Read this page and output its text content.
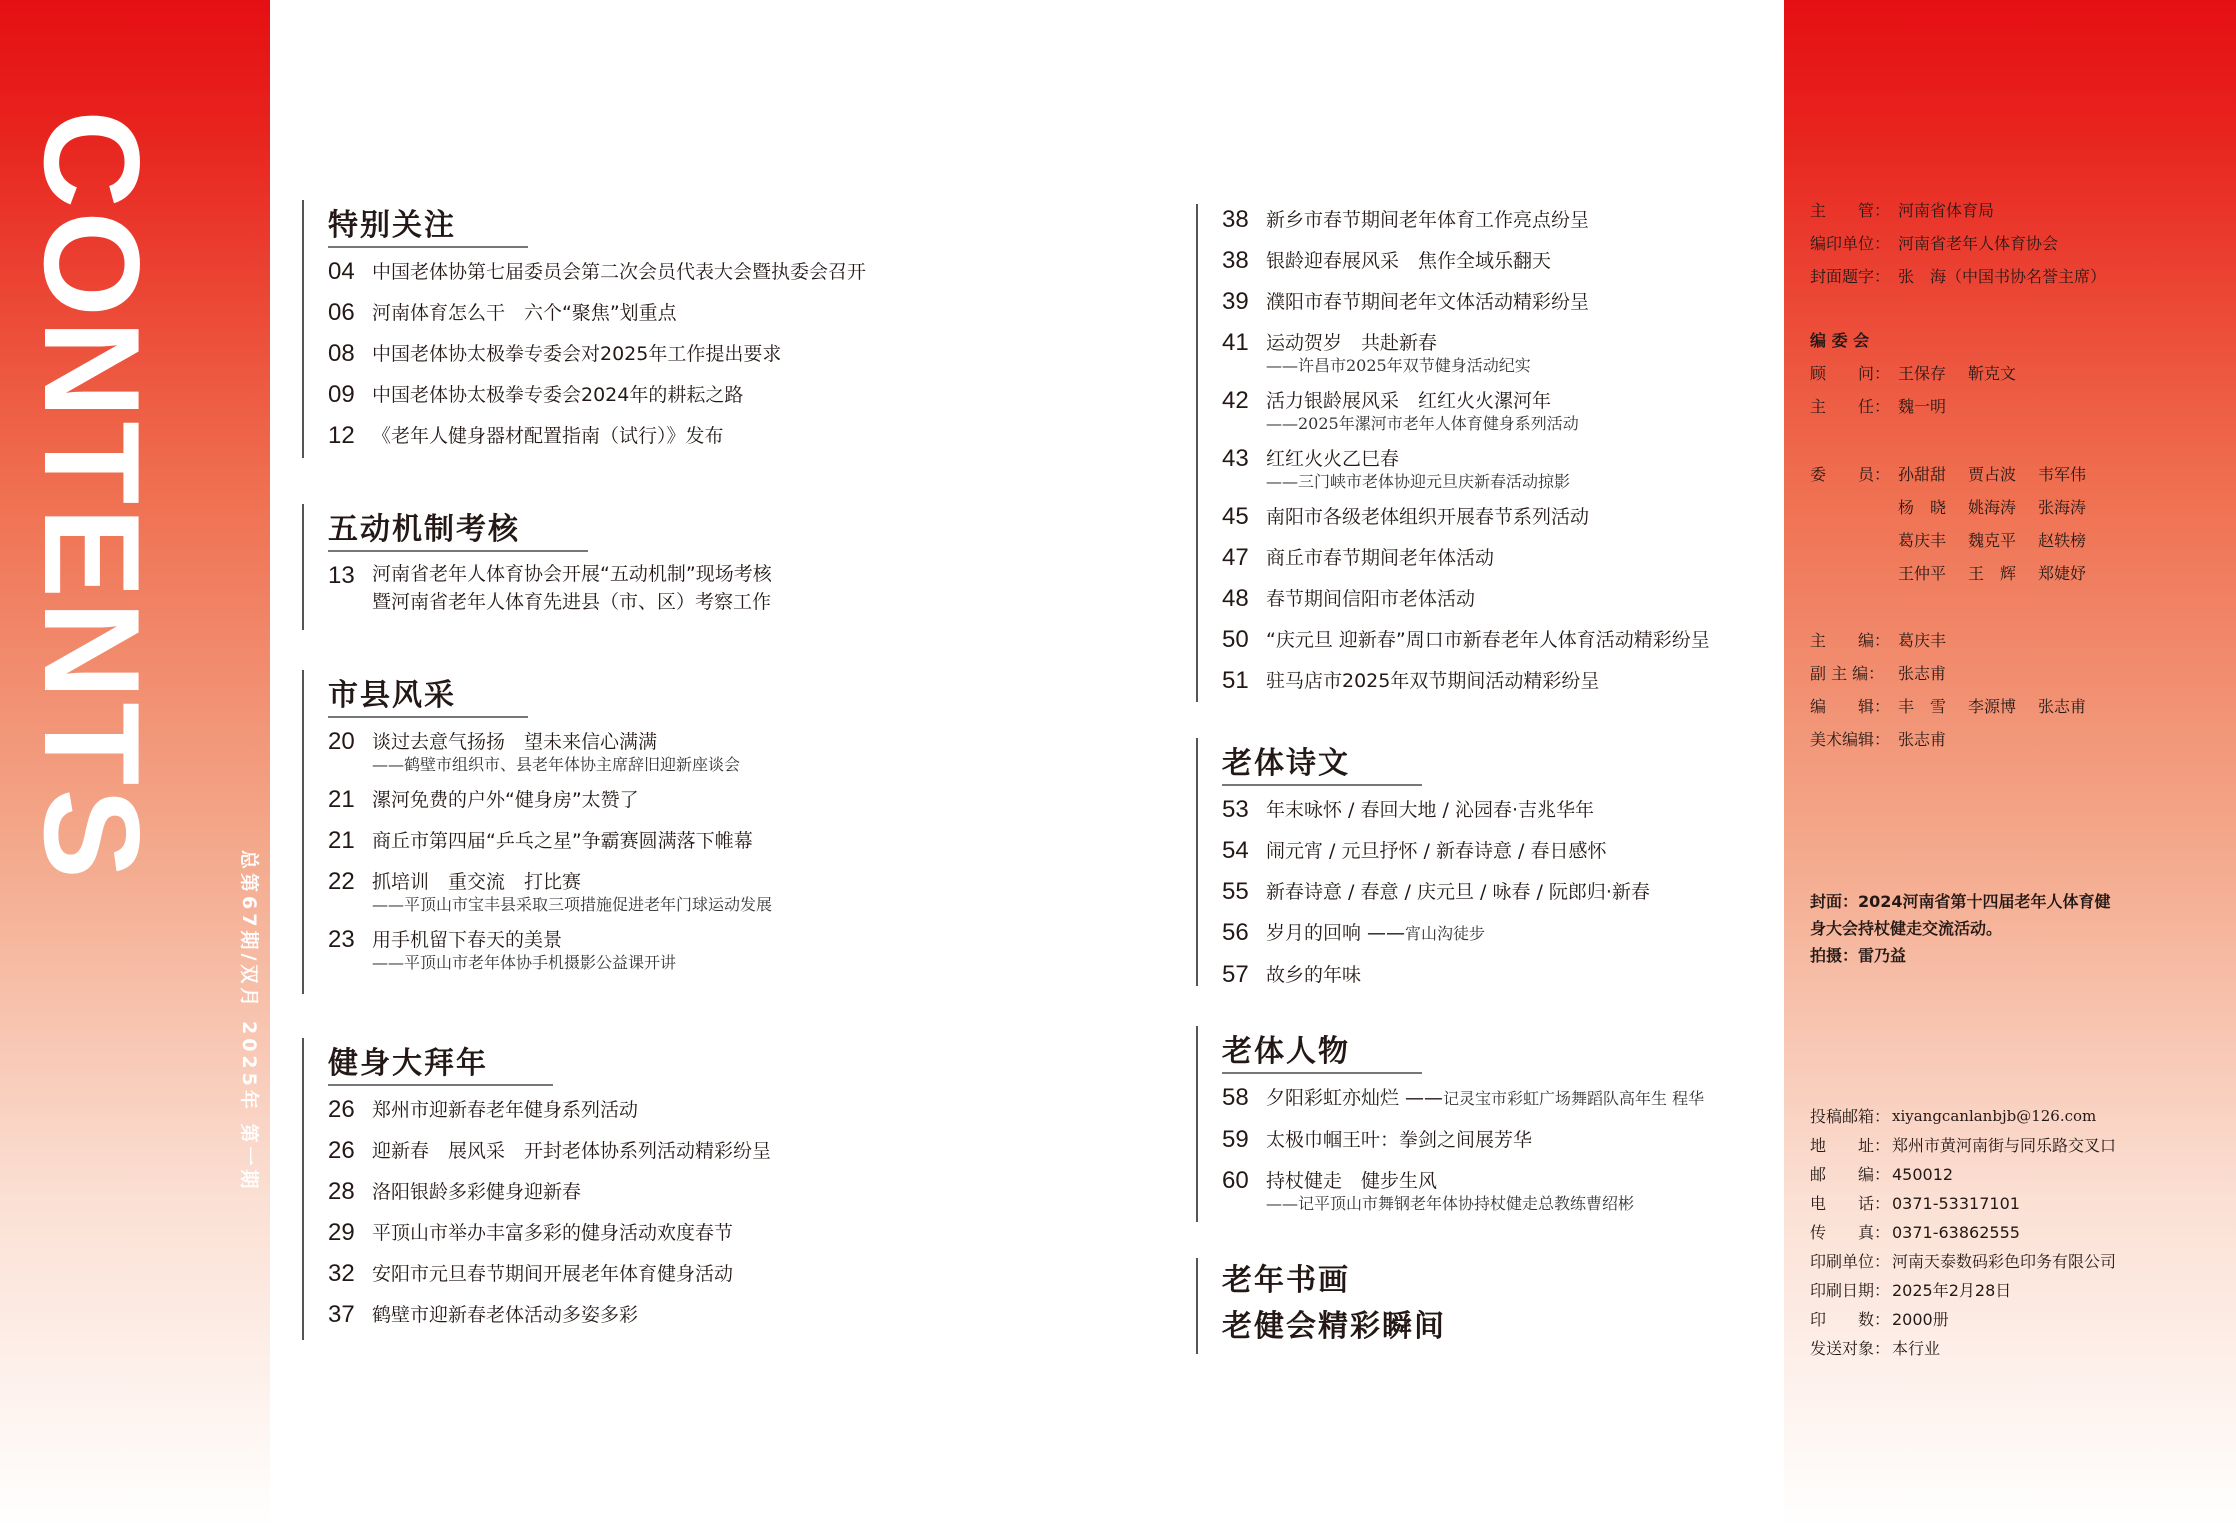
CONTENTS
总第67期/双月 2025年 第一期
特别关注
04 中国老体协第七届委员会第二次会员代表大会暨执委会召开
06 河南体育怎么干　六个“聚焦”划重点
08 中国老体协太极拳专委会对2025年工作提出要求
09 中国老体协太极拳专委会2024年的耕耘之路
12 《老年人健身器材配置指南（试行）》发布
五动机制考核
13 河南省老年人体育协会开展“五动机制”现场考核
暨河南省老年人体育先进县（市、区）考察工作
市县风采
20 谈过去意气扬扬　望未来信心满满
——鹤壁市组织市、县老年体协主席辞旧迎新座谈会
21 漯河免费的户外“健身房”太赞了
21 商丘市第四届“乒乓之星”争霸赛圆满落下帷幕
22 抓培训　重交流　打比赛
——平顶山市宝丰县采取三项措施促进老年门球运动发展
23 用手机留下春天的美景
——平顶山市老年体协手机摄影公益课开讲
健身大拜年
26 郑州市迎新春老年健身系列活动
26 迎新春　展风采　开封老体协系列活动精彩纷呈
28 洛阳银龄多彩健身迎新春
29 平顶山市举办丰富多彩的健身活动欢度春节
32 安阳市元旦春节期间开展老年体育健身活动
37 鹤壁市迎新春老体活动多姿多彩
38 新乡市春节期间老年体育工作亮点纷呈
38 银龄迎春展风采　焦作全域乐翻天
39 濮阳市春节期间老年文体活动精彩纷呈
41 运动贺岁　共赴新春
——许昌市2025年双节健身活动纪实
42 活力银龄展风采　红红火火漯河年
——2025年漯河市老年人体育健身系列活动
43 红红火火乙巳春
——三门峡市老体协迎元旦庆新春活动掠影
45 南阳市各级老体组织开展春节系列活动
47 商丘市春节期间老年体活动
48 春节期间信阳市老体活动
50 “庆元旦 迎新春”周口市新春老年人体育活动精彩纷呈
51 驻马店市2025年双节期间活动精彩纷呈
老体诗文
53 年末咏怀 / 春回大地 / 沁园春·吉兆华年
54 闹元宵 / 元旦抒怀 / 新春诗意 / 春日感怀
55 新春诗意 / 春意 / 庆元旦 / 咏春 / 阮郎归·新春
56 岁月的回响 ——宵山沟徒步
57 故乡的年味
老体人物
58 夕阳彩虹亦灿烂 ——记灵宝市彩虹广场舞蹈队高年生 程华
59 太极巾帼王叶：拳剑之间展芳华
60 持杖健走　健步生风
——记平顶山市舞钢老年体协持杖健走总教练曹绍彬
老年书画
老健会精彩瞬间
主　　管： 河南省体育局
编印单位： 河南省老年人体育协会
封面题字： 张　海（中国书协名誉主席）
编 委 会
顾　　问： 王保存 靳克文
主　　任： 魏一明
委　　员： 孙甜甜 贾占波 韦军伟
杨　晓 姚海涛 张海涛
葛庆丰 魏克平 赵轶榜
王仲平 王　辉 郑婕妤
主　　编： 葛庆丰
副 主 编： 张志甫
编　　辑： 丰　雪 李源博 张志甫
美术编辑： 张志甫
封面：2024河南省第十四届老年人体育健
身大会持杖健走交流活动。
拍摄：雷乃益
投稿邮箱： xiyangcanlanbjb@126.com
地　　址： 郑州市黄河南街与同乐路交叉口
邮　　编： 450012
电　　话： 0371-53317101
传　　真： 0371-63862555
印刷单位： 河南天泰数码彩色印务有限公司
印刷日期： 2025年2月28日
印　　数： 2000册
发送对象： 本行业
